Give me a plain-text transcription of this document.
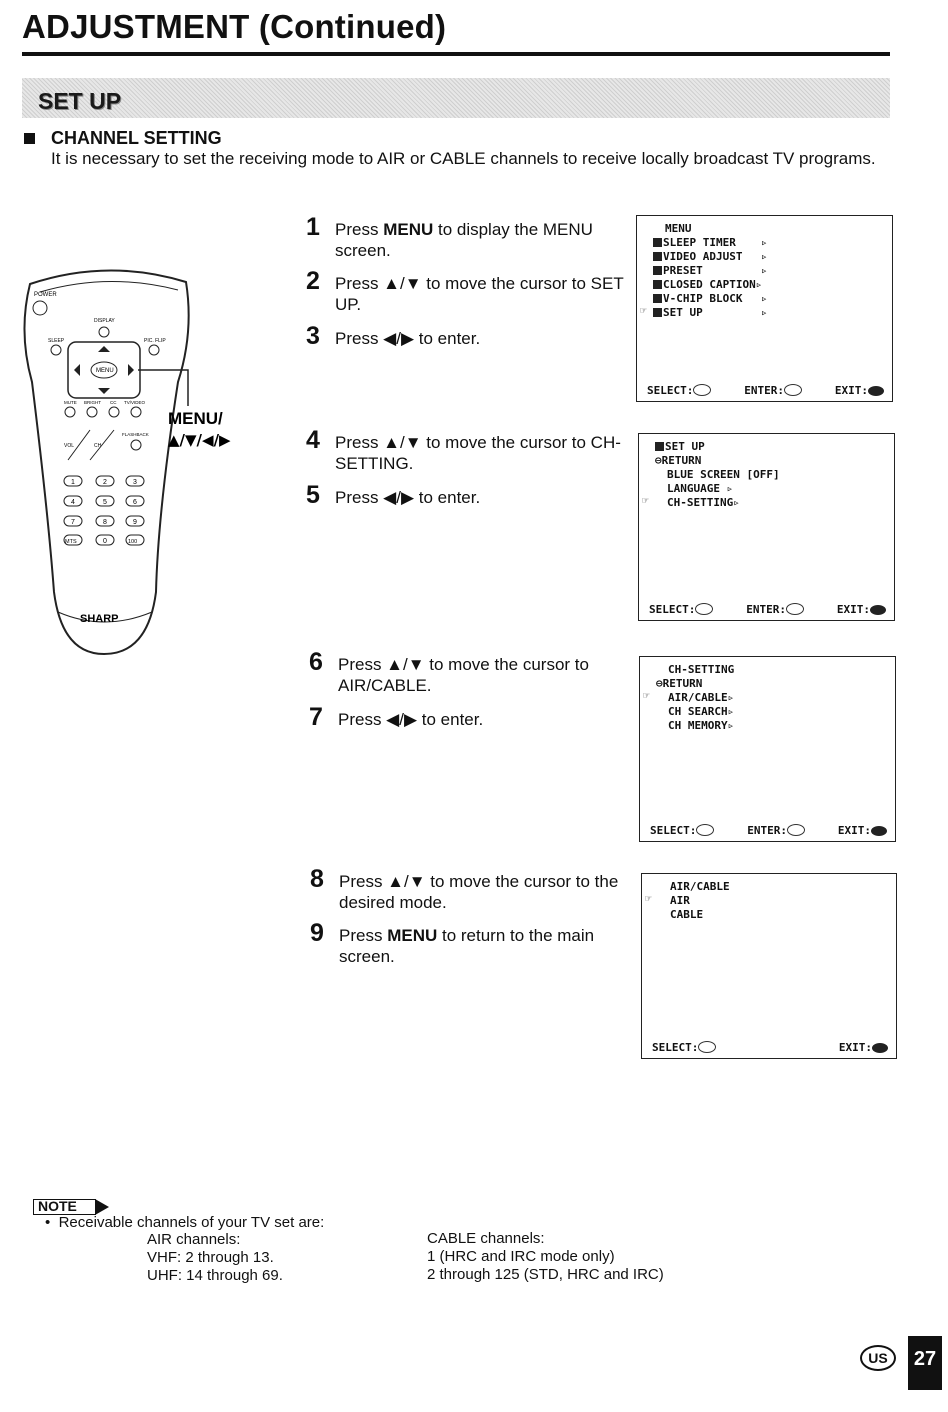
ADJUSTMENT (Continued)
SET UP
CHANNEL SETTING
It is necessary to set the receiving mode to AIR or CABLE channels to receive locally broadcast TV programs.
POWER
DISPLAY
SLEEP	PIC. FLIP
MENU
MUTE BRIGHT CC TV/VIDEO
VOL	CH
FLASHBACK
1	2	3
4	5	6
7	8	9
MTS	0	100
SHARP
MENU/
▲/▼/◀/▶
1 Press MENU to display the MENU screen.
2 Press ▲/▼ to move the cursor to SET UP.
3 Press ◀/▶ to enter.
4 Press ▲/▼ to move the cursor to CH-SETTING.
5 Press ◀/▶ to enter.
6 Press ▲/▼ to move the cursor to AIR/CABLE.
7 Press ◀/▶ to enter.
8 Press ▲/▼ to move the cursor to the desired mode.
9 Press MENU to return to the main screen.
MENU
SLEEP TIMER ▹
VIDEO ADJUST ▹
PRESET	▹
CLOSED CAPTION▹
V-CHIP BLOCK ▹
☞	SET UP	▹
SELECT:	ENTER:	EXIT:
SET UP
⊖RETURN
BLUE SCREEN [OFF]
LANGUAGE ▹
☞ CH-SETTING▹
SELECT:	ENTER:	EXIT:
CH-SETTING
⊖RETURN
☞ AIR/CABLE▹
CH SEARCH▹
CH MEMORY▹
SELECT:	ENTER:	EXIT:
AIR/CABLE
☞ AIR
CABLE
SELECT:	EXIT:
NOTE
•  Receivable channels of your TV set are:
AIR channels:
VHF: 2 through 13.
UHF: 14 through 69.
CABLE channels:
1 (HRC and IRC mode only)
2 through 125 (STD, HRC and IRC)
US	27
